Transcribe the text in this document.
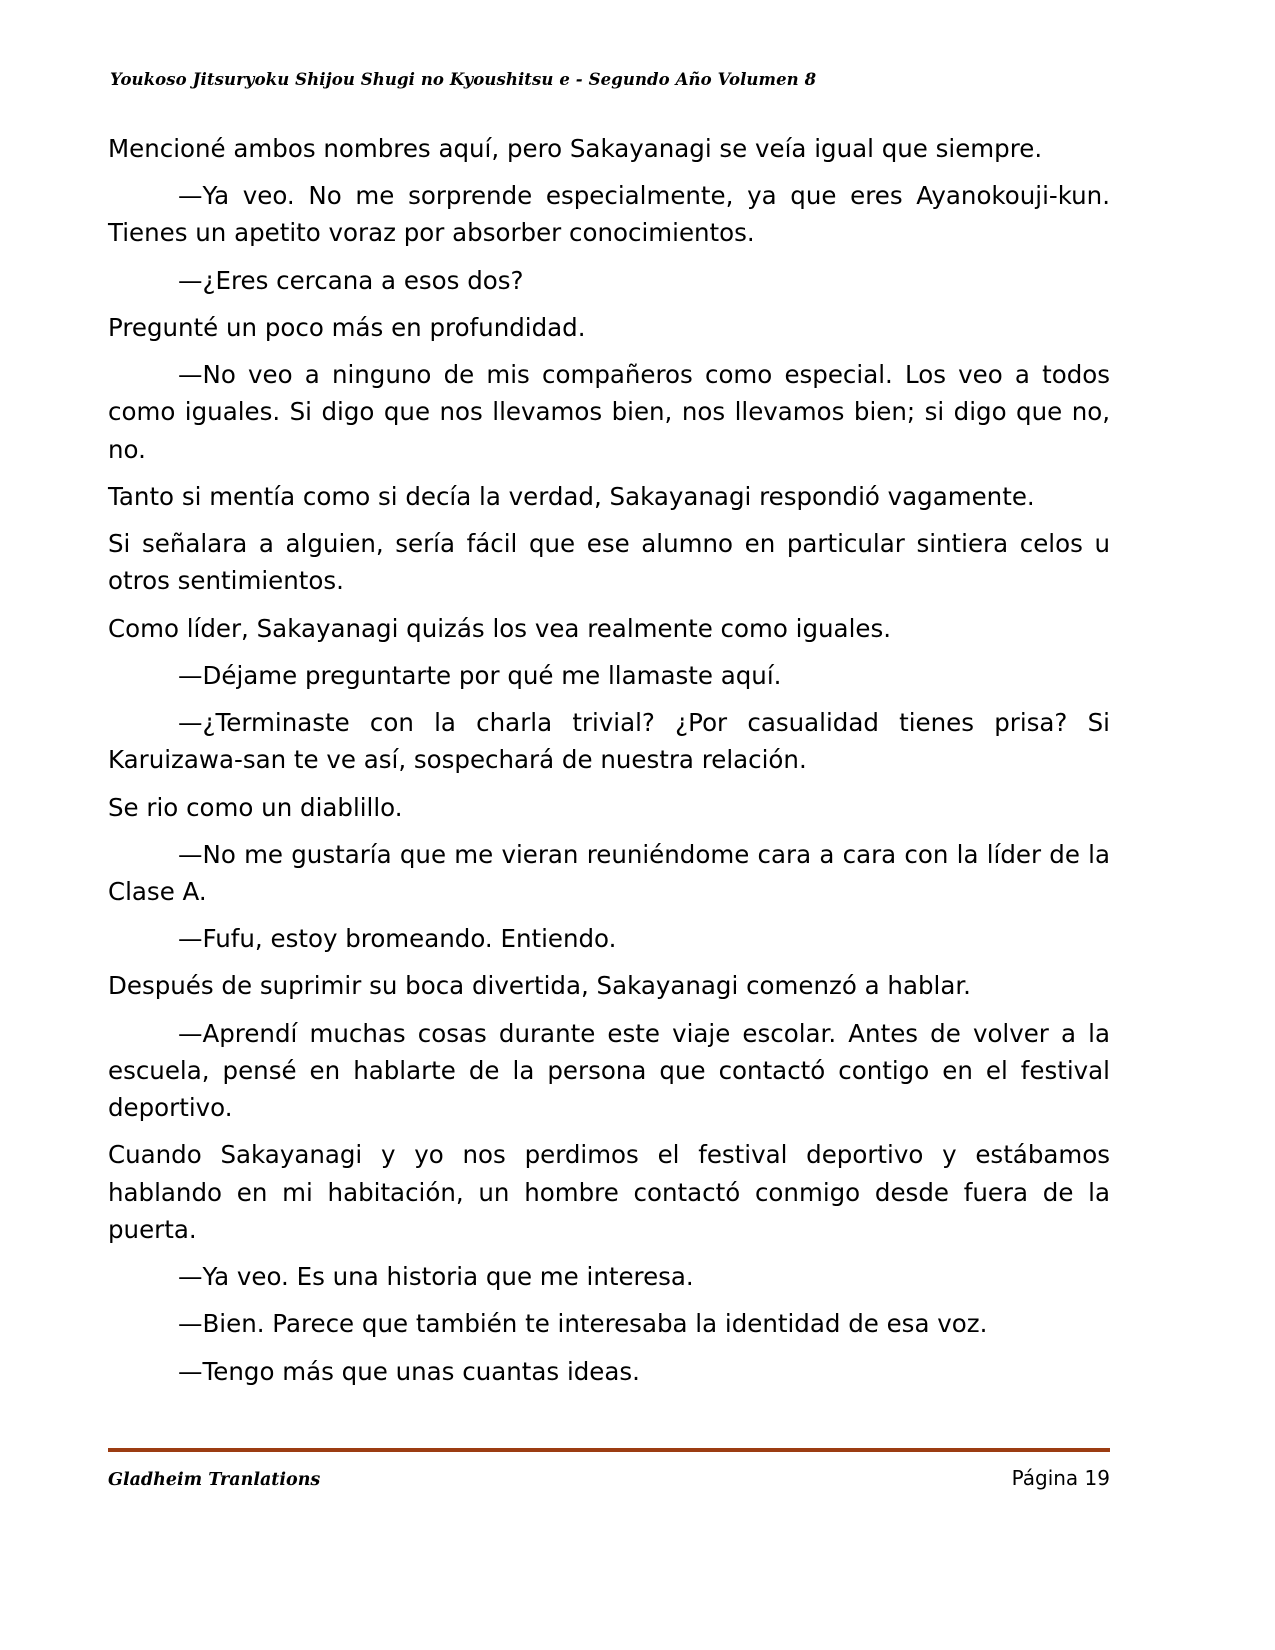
Youkoso Jitsuryoku Shijou Shugi no Kyoushitsu e - Segundo Año Volumen 8

Mencioné ambos nombres aquí, pero Sakayanagi se veía igual que siempre.

—Ya veo. No me sorprende especialmente, ya que eres Ayanokouji-kun. Tienes un apetito voraz por absorber conocimientos.

—¿Eres cercana a esos dos?

Pregunté un poco más en profundidad.

—No veo a ninguno de mis compañeros como especial. Los veo a todos como iguales. Si digo que nos llevamos bien, nos llevamos bien; si digo que no, no.

Tanto si mentía como si decía la verdad, Sakayanagi respondió vagamente.

Si señalara a alguien, sería fácil que ese alumno en particular sintiera celos u otros sentimientos.

Como líder, Sakayanagi quizás los vea realmente como iguales.

—Déjame preguntarte por qué me llamaste aquí.

—¿Terminaste con la charla trivial? ¿Por casualidad tienes prisa? Si Karuizawa-san te ve así, sospechará de nuestra relación.

Se rio como un diablillo.

—No me gustaría que me vieran reuniéndome cara a cara con la líder de la Clase A.

—Fufu, estoy bromeando. Entiendo.

Después de suprimir su boca divertida, Sakayanagi comenzó a hablar.

—Aprendí muchas cosas durante este viaje escolar. Antes de volver a la escuela, pensé en hablarte de la persona que contactó contigo en el festival deportivo.

Cuando Sakayanagi y yo nos perdimos el festival deportivo y estábamos hablando en mi habitación, un hombre contactó conmigo desde fuera de la puerta.

—Ya veo. Es una historia que me interesa.

—Bien. Parece que también te interesaba la identidad de esa voz.

—Tengo más que unas cuantas ideas.

Gladheim Tranlations	Página 19
